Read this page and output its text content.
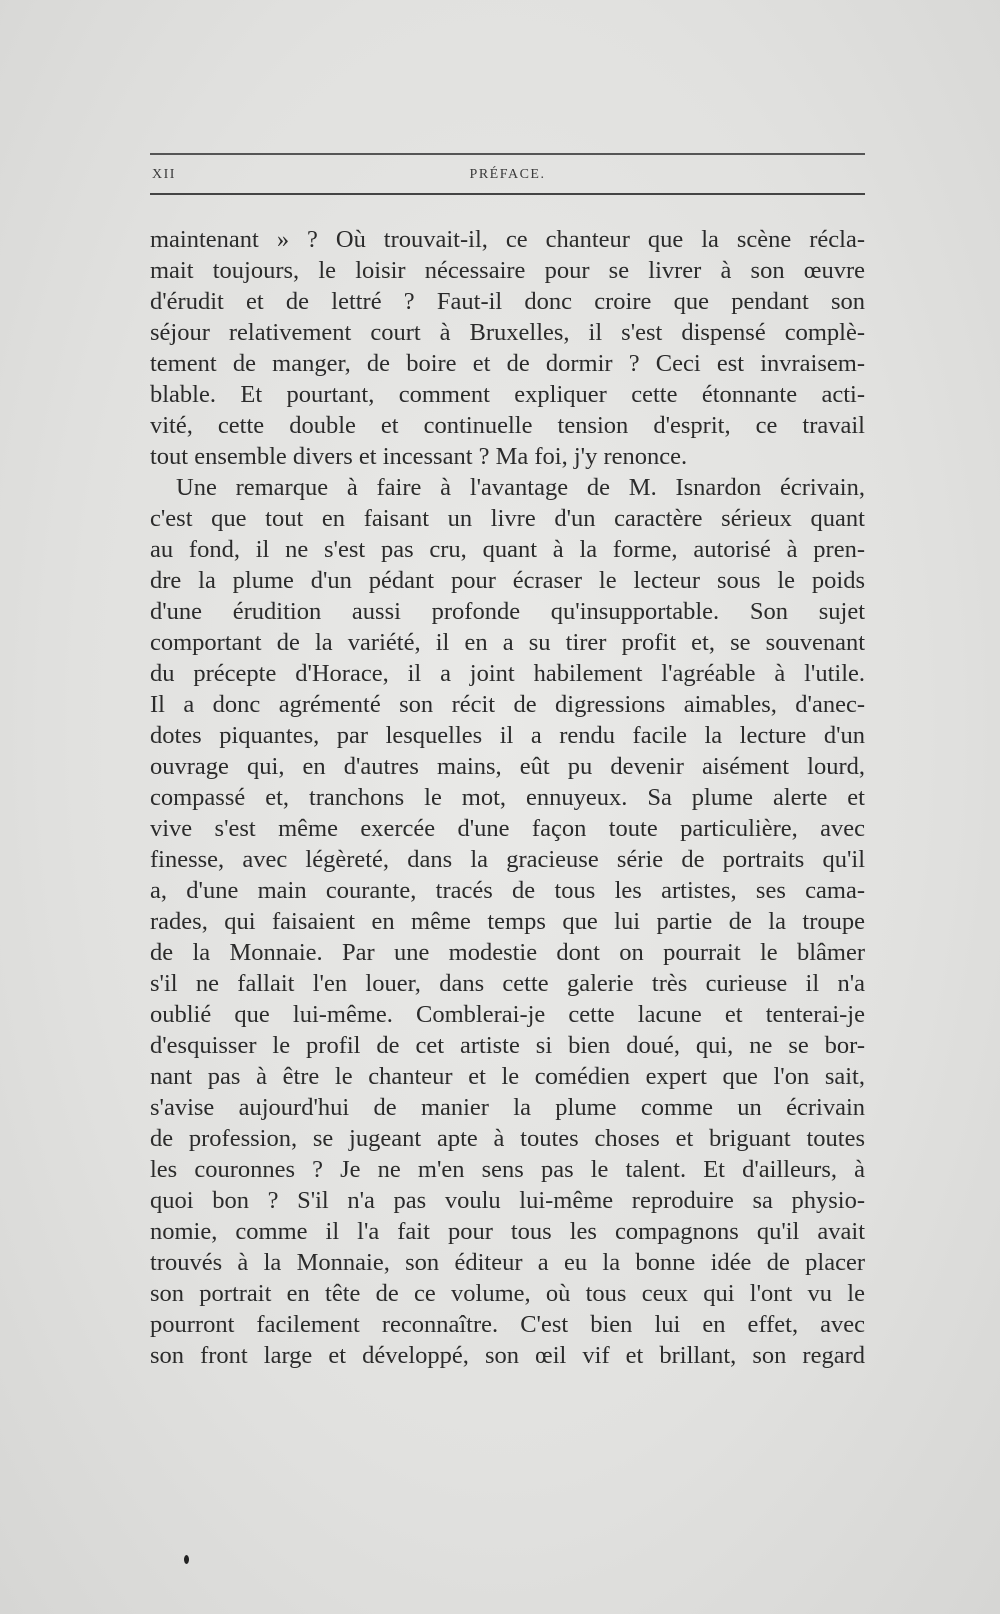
XII	PRÉFACE.
maintenant » ? Où trouvait-il, ce chanteur que la scène récla-
mait toujours, le loisir nécessaire pour se livrer à son œuvre
d'érudit et de lettré ? Faut-il donc croire que pendant son
séjour relativement court à Bruxelles, il s'est dispensé complè-
tement de manger, de boire et de dormir ? Ceci est invraisem-
blable. Et pourtant, comment expliquer cette étonnante acti-
vité, cette double et continuelle tension d'esprit, ce travail
tout ensemble divers et incessant ? Ma foi, j'y renonce.
Une remarque à faire à l'avantage de M. Isnardon écrivain,
c'est que tout en faisant un livre d'un caractère sérieux quant
au fond, il ne s'est pas cru, quant à la forme, autorisé à pren-
dre la plume d'un pédant pour écraser le lecteur sous le poids
d'une érudition aussi profonde qu'insupportable. Son sujet
comportant de la variété, il en a su tirer profit et, se souvenant
du précepte d'Horace, il a joint habilement l'agréable à l'utile.
Il a donc agrémenté son récit de digressions aimables, d'anec-
dotes piquantes, par lesquelles il a rendu facile la lecture d'un
ouvrage qui, en d'autres mains, eût pu devenir aisément lourd,
compassé et, tranchons le mot, ennuyeux. Sa plume alerte et
vive s'est même exercée d'une façon toute particulière, avec
finesse, avec légèreté, dans la gracieuse série de portraits qu'il
a, d'une main courante, tracés de tous les artistes, ses cama-
rades, qui faisaient en même temps que lui partie de la troupe
de la Monnaie. Par une modestie dont on pourrait le blâmer
s'il ne fallait l'en louer, dans cette galerie très curieuse il n'a
oublié que lui-même. Comblerai-je cette lacune et tenterai-je
d'esquisser le profil de cet artiste si bien doué, qui, ne se bor-
nant pas à être le chanteur et le comédien expert que l'on sait,
s'avise aujourd'hui de manier la plume comme un écrivain
de profession, se jugeant apte à toutes choses et briguant toutes
les couronnes ? Je ne m'en sens pas le talent. Et d'ailleurs, à
quoi bon ? S'il n'a pas voulu lui-même reproduire sa physio-
nomie, comme il l'a fait pour tous les compagnons qu'il avait
trouvés à la Monnaie, son éditeur a eu la bonne idée de placer
son portrait en tête de ce volume, où tous ceux qui l'ont vu le
pourront facilement reconnaître. C'est bien lui en effet, avec
son front large et développé, son œil vif et brillant, son regard
